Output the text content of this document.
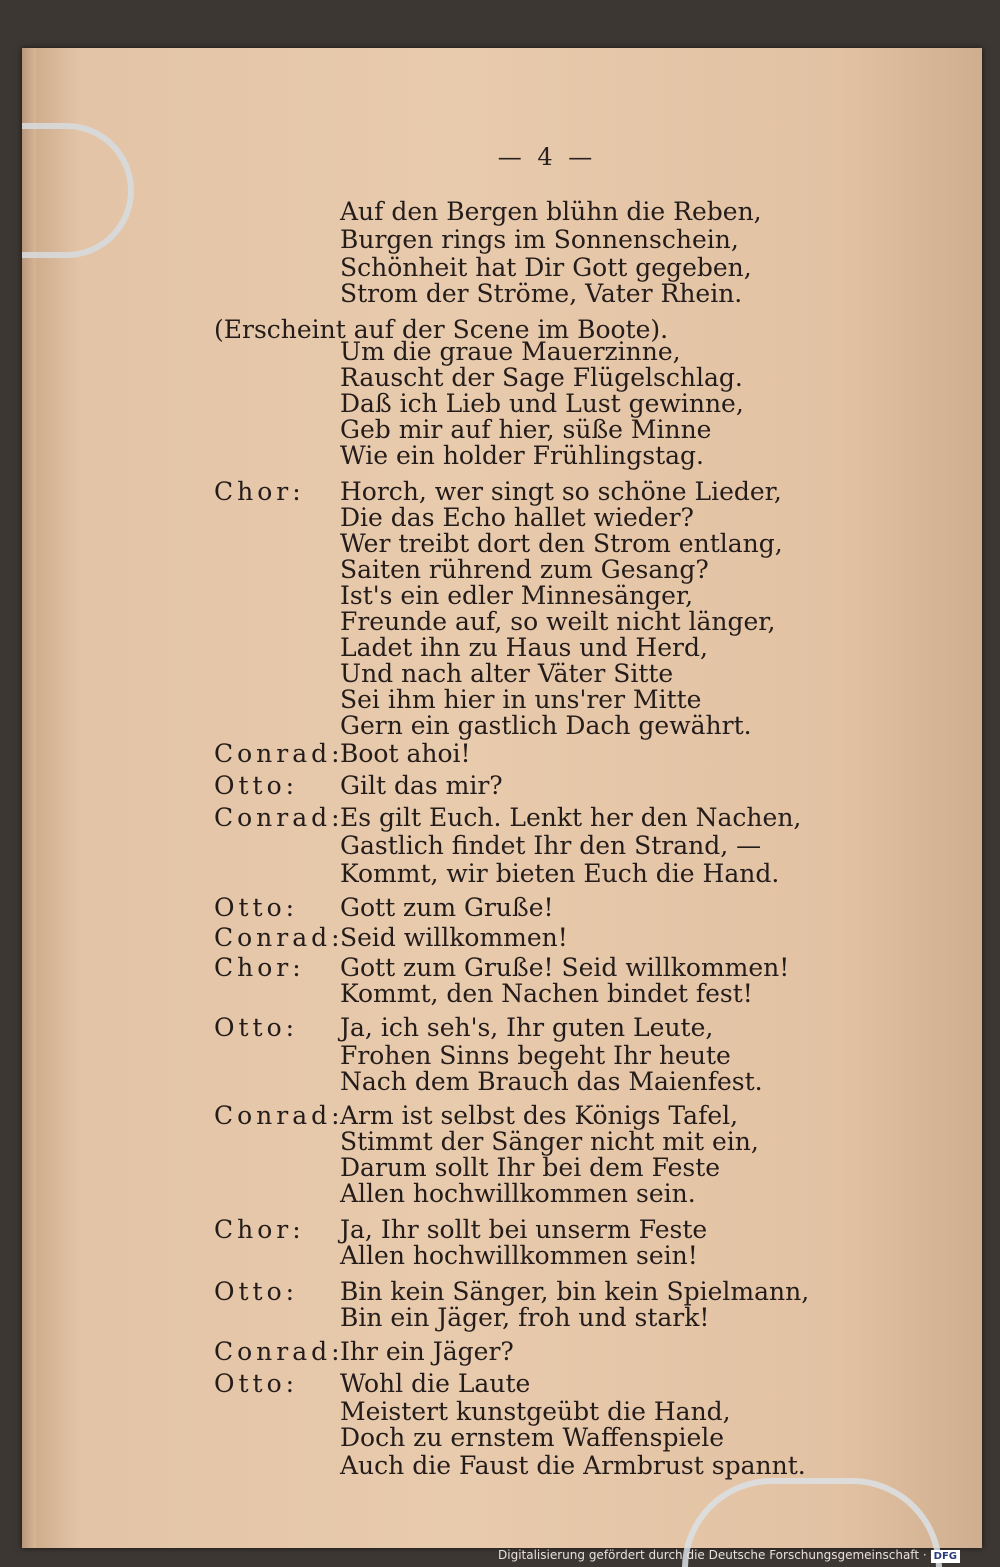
— 4 —
Auf den Bergen blühn die Reben,
Burgen rings im Sonnenschein,
Schönheit hat Dir Gott gegeben,
Strom der Ströme, Vater Rhein.
(Erscheint auf der Scene im Boote).
Um die graue Mauerzinne,
Rauscht der Sage Flügelschlag.
Daß ich Lieb und Lust gewinne,
Geb mir auf hier, süße Minne
Wie ein holder Frühlingstag.
Chor: Horch, wer singt so schöne Lieder,
Die das Echo hallet wieder?
Wer treibt dort den Strom entlang,
Saiten rührend zum Gesang?
Ist's ein edler Minnesänger,
Freunde auf, so weilt nicht länger,
Ladet ihn zu Haus und Herd,
Und nach alter Väter Sitte
Sei ihm hier in uns'rer Mitte
Gern ein gastlich Dach gewährt.
Conrad:
Boot ahoi!
Otto: Gilt das mir?
Conrad:
Es gilt Euch. Lenkt her den Nachen,
Gastlich findet Ihr den Strand, —
Kommt, wir bieten Euch die Hand.
Otto: Gott zum Gruße!
Conrad:
Seid willkommen!
Chor: Gott zum Gruße! Seid willkommen!
Kommt, den Nachen bindet fest!
Otto: Ja, ich seh's, Ihr guten Leute,
Frohen Sinns begeht Ihr heute
Nach dem Brauch das Maienfest.
Conrad:
Arm ist selbst des Königs Tafel,
Stimmt der Sänger nicht mit ein,
Darum sollt Ihr bei dem Feste
Allen hochwillkommen sein.
Chor: Ja, Ihr sollt bei unserm Feste
Allen hochwillkommen sein!
Otto: Bin kein Sänger, bin kein Spielmann,
Bin ein Jäger, froh und stark!
Conrad:
Ihr ein Jäger?
Otto: Wohl die Laute
Meistert kunstgeübt die Hand,
Doch zu ernstem Waffenspiele
Auch die Faust die Armbrust spannt.
Digitalisierung gefördert durch die Deutsche Forschungsgemeinschaft · DFG
